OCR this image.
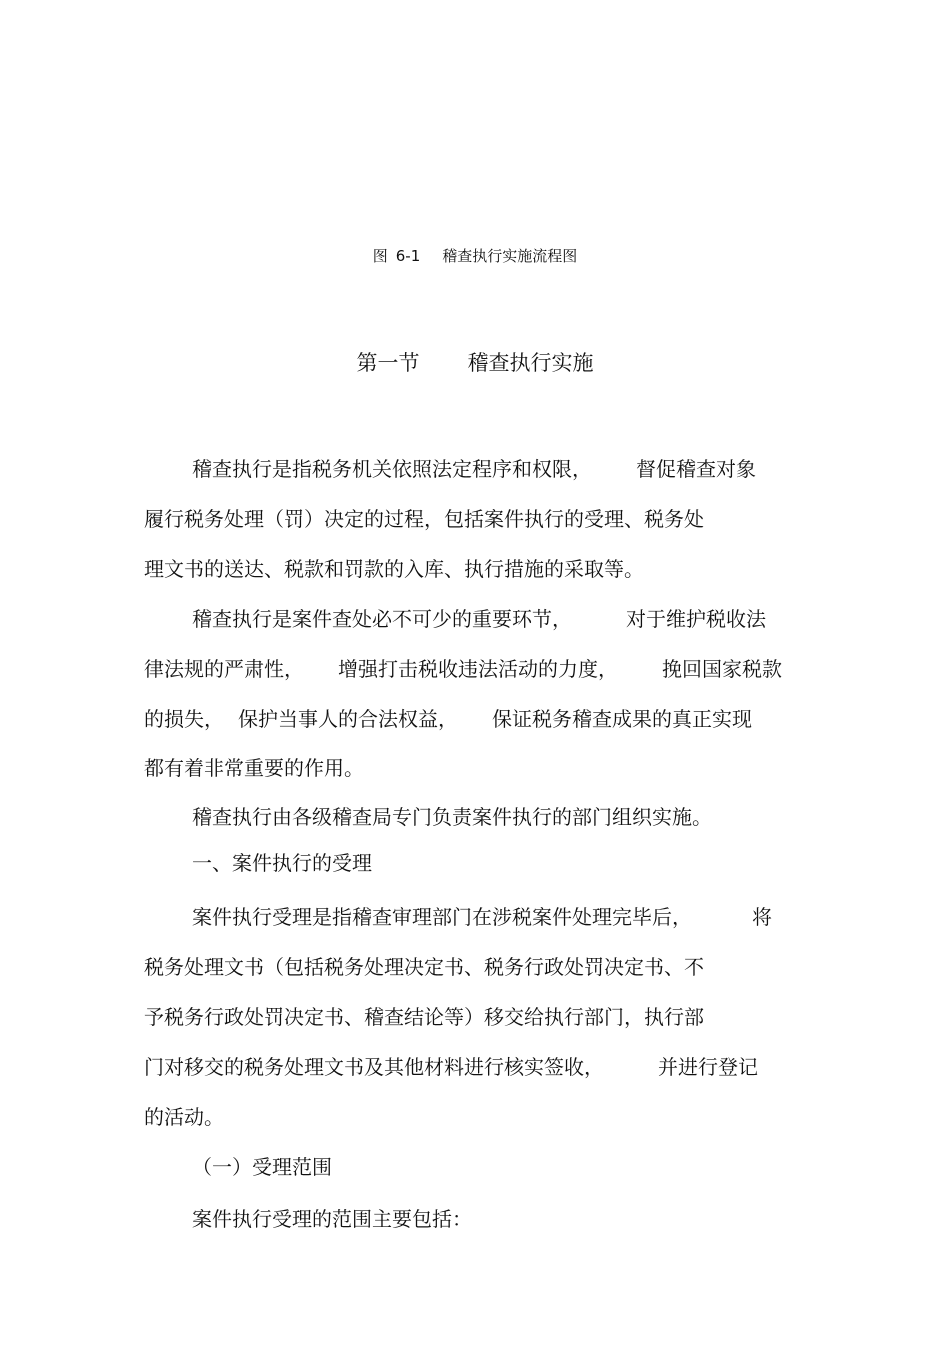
图 6-1 稽查执行实施流程图
第一节 稽查执行实施
稽查执行是指税务机关依照法定程序和权限， 督促稽查对象
履行税务处理（罚）决定的过程，包括案件执行的受理、税务处
理文书的送达、税款和罚款的入库、执行措施的采取等。
稽查执行是案件查处必不可少的重要环节，	对于维护税收法
律法规的严肃性， 增强打击税收违法活动的力度， 挽回国家税款
的损失， 保护当事人的合法权益， 保证税务稽查成果的真正实现
都有着非常重要的作用。
稽查执行由各级稽查局专门负责案件执行的部门组织实施。
一、案件执行的受理
案件执行受理是指稽查审理部门在涉税案件处理完毕后，	将
税务处理文书（包括税务处理决定书、税务行政处罚决定书、不
予税务行政处罚决定书、稽查结论等）移交给执行部门，执行部
门对移交的税务处理文书及其他材料进行核实签收，	并进行登记
的活动。
（一）受理范围
案件执行受理的范围主要包括：
